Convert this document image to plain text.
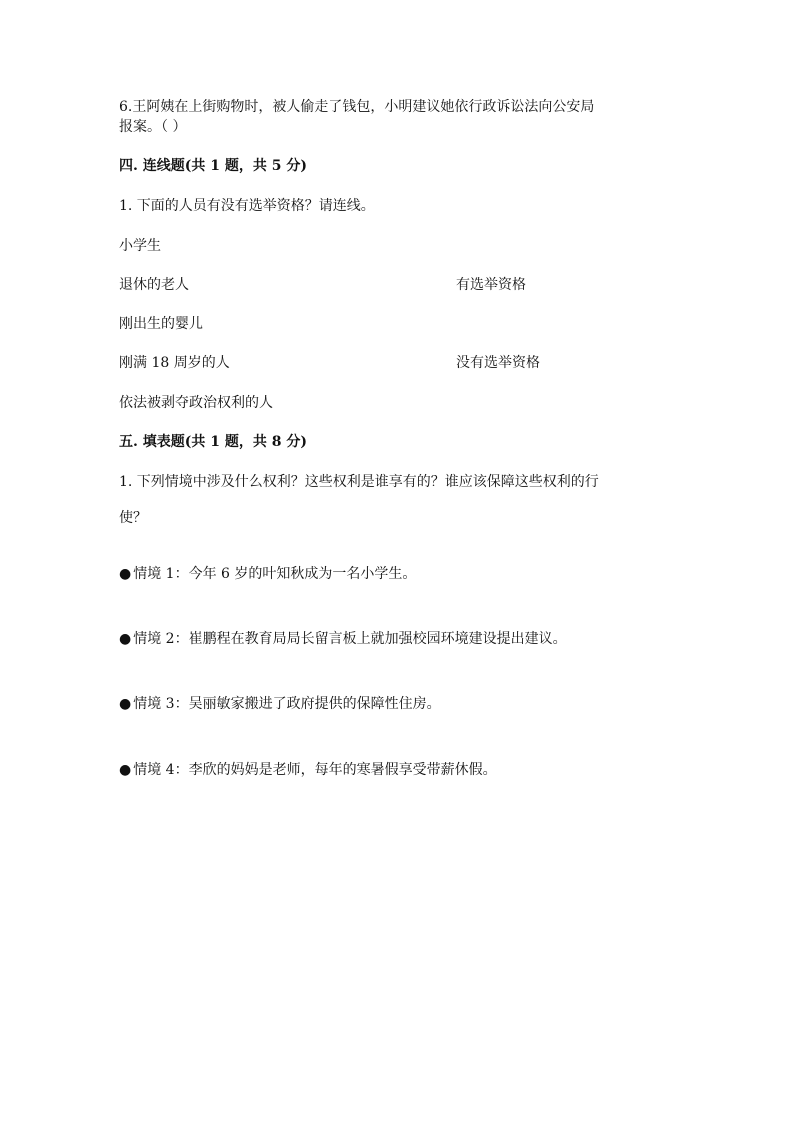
6.王阿姨在上街购物时，被人偷走了钱包，小明建议她依行政诉讼法向公安局
报案。（ ）
四. 连线题(共 1 题，共 5 分)
1. 下面的人员有没有选举资格？请连线。
小学生
退休的老人	有选举资格
刚出生的婴儿
刚满 18 周岁的人	没有选举资格
依法被剥夺政治权利的人
五. 填表题(共 1 题，共 8 分)
1. 下列情境中涉及什么权利？这些权利是谁享有的？谁应该保障这些权利的行
使？
● 情境 1：今年 6 岁的叶知秋成为一名小学生。
● 情境 2：崔鹏程在教育局局长留言板上就加强校园环境建设提出建议。
● 情境 3：吴丽敏家搬进了政府提供的保障性住房。
● 情境 4：李欣的妈妈是老师，每年的寒暑假享受带薪休假。
